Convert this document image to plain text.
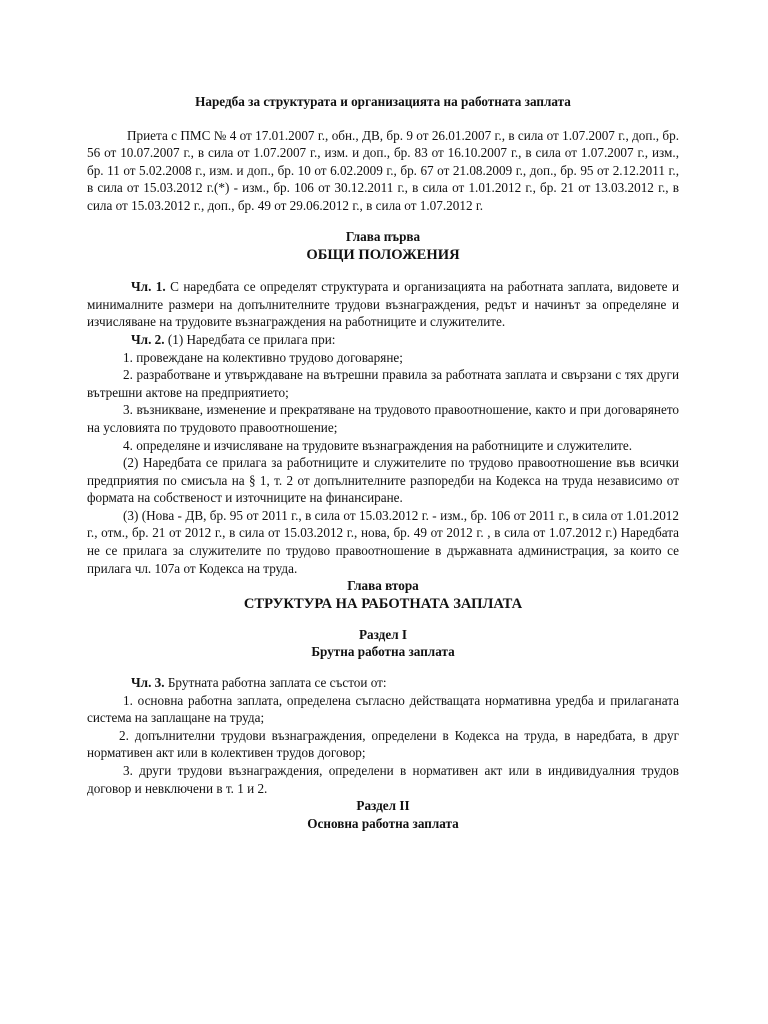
Наредба за структурата и организацията на работната заплата
Приета с ПМС № 4 от 17.01.2007 г., обн., ДВ, бр. 9 от 26.01.2007 г., в сила от 1.07.2007 г., доп., бр. 56 от 10.07.2007 г., в сила от 1.07.2007 г., изм. и доп., бр. 83 от 16.10.2007 г., в сила от 1.07.2007 г., изм., бр. 11 от 5.02.2008 г., изм. и доп., бр. 10 от 6.02.2009 г., бр. 67 от 21.08.2009 г., доп., бр. 95 от 2.12.2011 г., в сила от 15.03.2012 г.(*) - изм., бр. 106 от 30.12.2011 г., в сила от 1.01.2012 г., бр. 21 от 13.03.2012 г., в сила от 15.03.2012 г., доп., бр. 49 от 29.06.2012 г., в сила от 1.07.2012 г.
Глава първа
ОБЩИ ПОЛОЖЕНИЯ
Чл. 1. С наредбата се определят структурата и организацията на работната заплата, видовете и минималните размери на допълнителните трудови възнаграждения, редът и начинът за определяне и изчисляване на трудовите възнаграждения на работниците и служителите.
Чл. 2. (1) Наредбата се прилага при:
1. провеждане на колективно трудово договаряне;
2. разработване и утвърждаване на вътрешни правила за работната заплата и свързани с тях други вътрешни актове на предприятието;
3. възникване, изменение и прекратяване на трудовото правоотношение, както и при договарянето на условията по трудовото правоотношение;
4. определяне и изчисляване на трудовите възнаграждения на работниците и служителите.
(2) Наредбата се прилага за работниците и служителите по трудово правоотношение във всички предприятия по смисъла на § 1, т. 2 от допълнителните разпоредби на Кодекса на труда независимо от формата на собственост и източниците на финансиране.
(3) (Нова - ДВ, бр. 95 от 2011 г., в сила от 15.03.2012 г. - изм., бр. 106 от 2011 г., в сила от 1.01.2012 г., отм., бр. 21 от 2012 г., в сила от 15.03.2012 г., нова, бр. 49 от 2012 г. , в сила от 1.07.2012 г.) Наредбата не се прилага за служителите по трудово правоотношение в държавната администрация, за които се прилага чл. 107а от Кодекса на труда.
Глава втора
СТРУКТУРА НА РАБОТНАТА ЗАПЛАТА
Раздел I
Брутна работна заплата
Чл. 3. Брутната работна заплата се състои от:
1. основна работна заплата, определена съгласно действащата нормативна уредба и прилаганата система на заплащане на труда;
2. допълнителни трудови възнаграждения, определени в Кодекса на труда, в наредбата, в друг нормативен акт или в колективен трудов договор;
3. други трудови възнаграждения, определени в нормативен акт или в индивидуалния трудов договор и невключени в т. 1 и 2.
Раздел II
Основна работна заплата
